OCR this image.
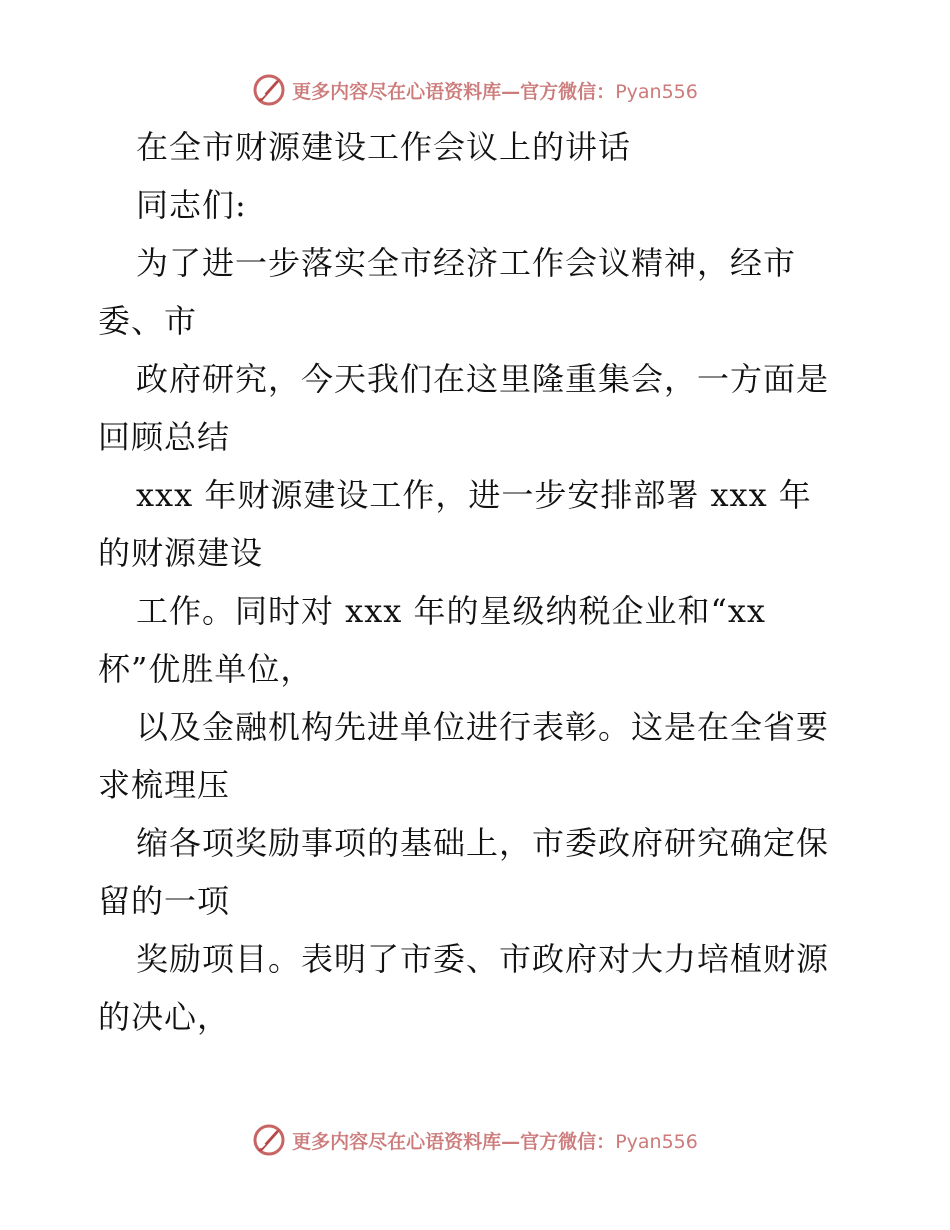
更多内容尽在心语资料库—官方微信：Pyan556
在全市财源建设工作会议上的讲话
同志们:
为了进一步落实全市经济工作会议精神，经市
委、市
政府研究，今天我们在这里隆重集会，一方面是
回顾总结
xxx 年财源建设工作，进一步安排部署 xxx 年
的财源建设
工作。同时对 xxx 年的星级纳税企业和“xx
杯”优胜单位，
以及金融机构先进单位进行表彰。这是在全省要
求梳理压
缩各项奖励事项的基础上，市委政府研究确定保
留的一项
奖励项目。表明了市委、市政府对大力培植财源
的决心，
更多内容尽在心语资料库—官方微信：Pyan556
